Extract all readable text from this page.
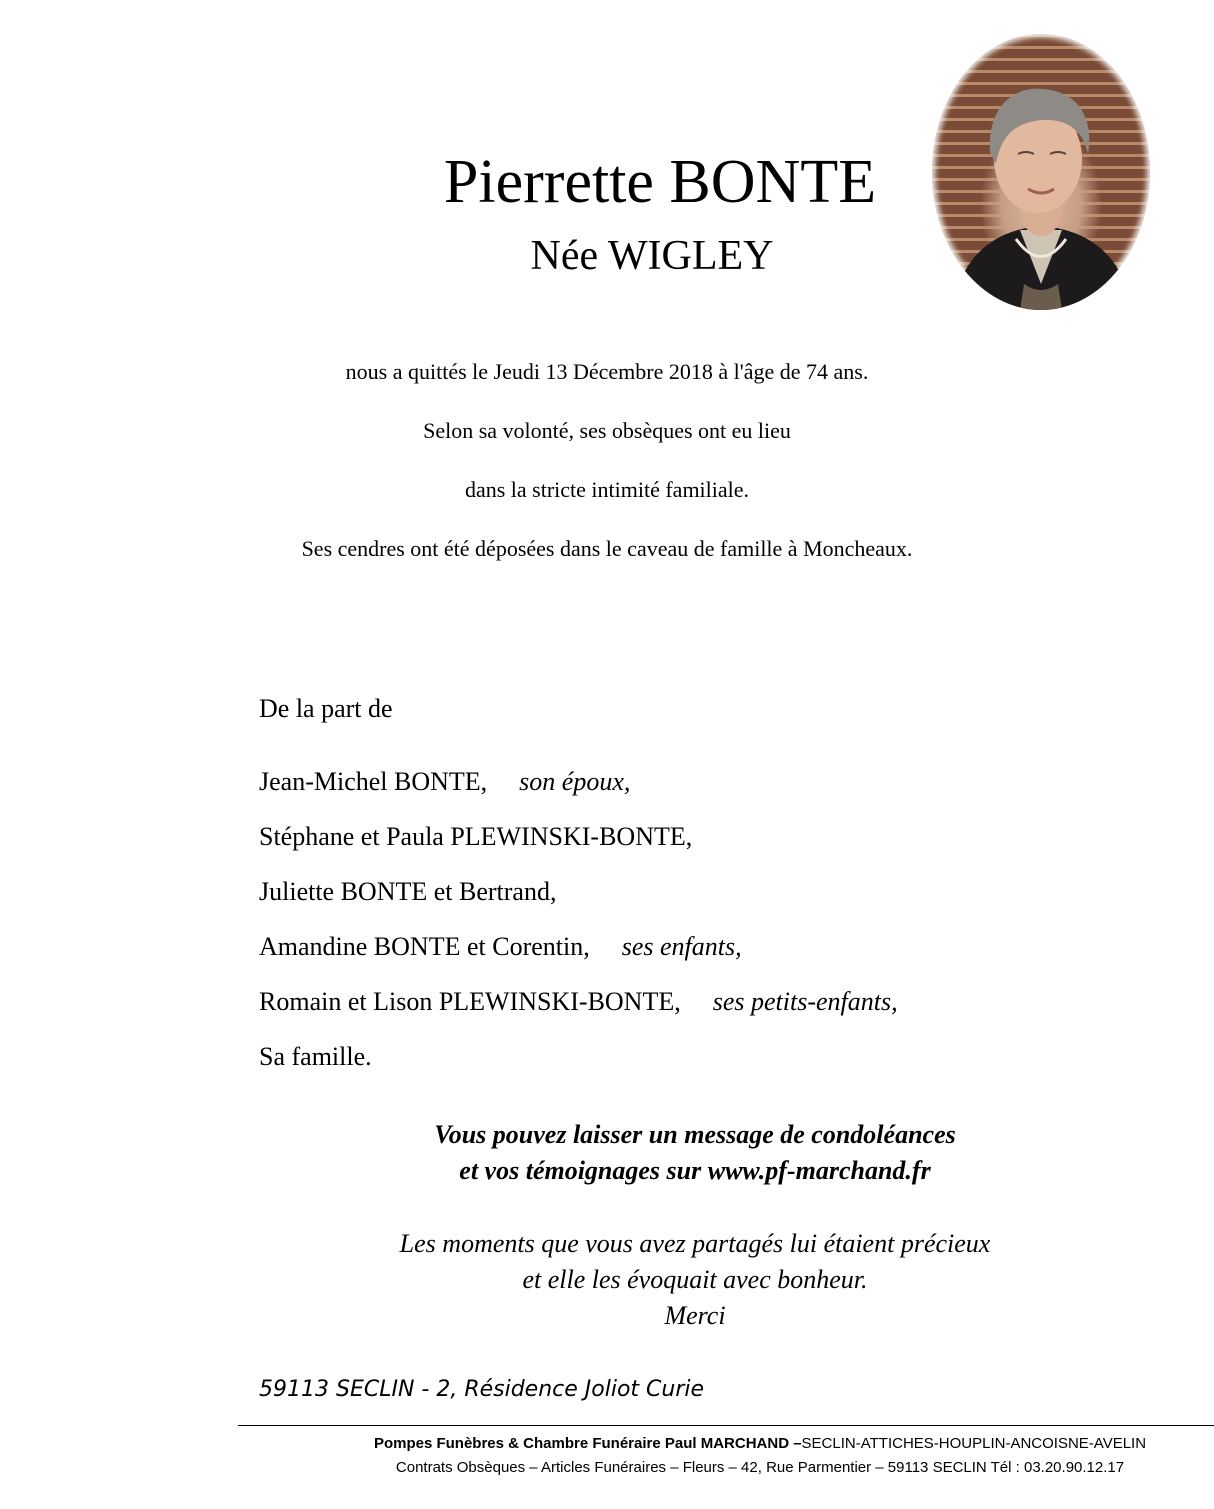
Pierrette BONTE
Née WIGLEY
nous a quittés le Jeudi 13 Décembre 2018 à l'âge de 74 ans.
Selon sa volonté, ses obsèques ont eu lieu
dans la stricte intimité familiale.
Ses cendres ont été déposées dans le caveau de famille à Moncheaux.
De la part de
Jean-Michel BONTE, son époux,
Stéphane et Paula PLEWINSKI-BONTE,
Juliette BONTE et Bertrand,
Amandine BONTE et Corentin, ses enfants,
Romain et Lison PLEWINSKI-BONTE, ses petits-enfants,
Sa famille.
Vous pouvez laisser un message de condoléances
et vos témoignages sur www.pf-marchand.fr
Les moments que vous avez partagés lui étaient précieux
et elle les évoquait avec bonheur.
Merci
59113 SECLIN - 2, Résidence Joliot Curie
Pompes Funèbres & Chambre Funéraire Paul MARCHAND –SECLIN-ATTICHES-HOUPLIN-ANCOISNE-AVELIN
Contrats Obsèques – Articles Funéraires – Fleurs – 42, Rue Parmentier – 59113 SECLIN Tél : 03.20.90.12.17
